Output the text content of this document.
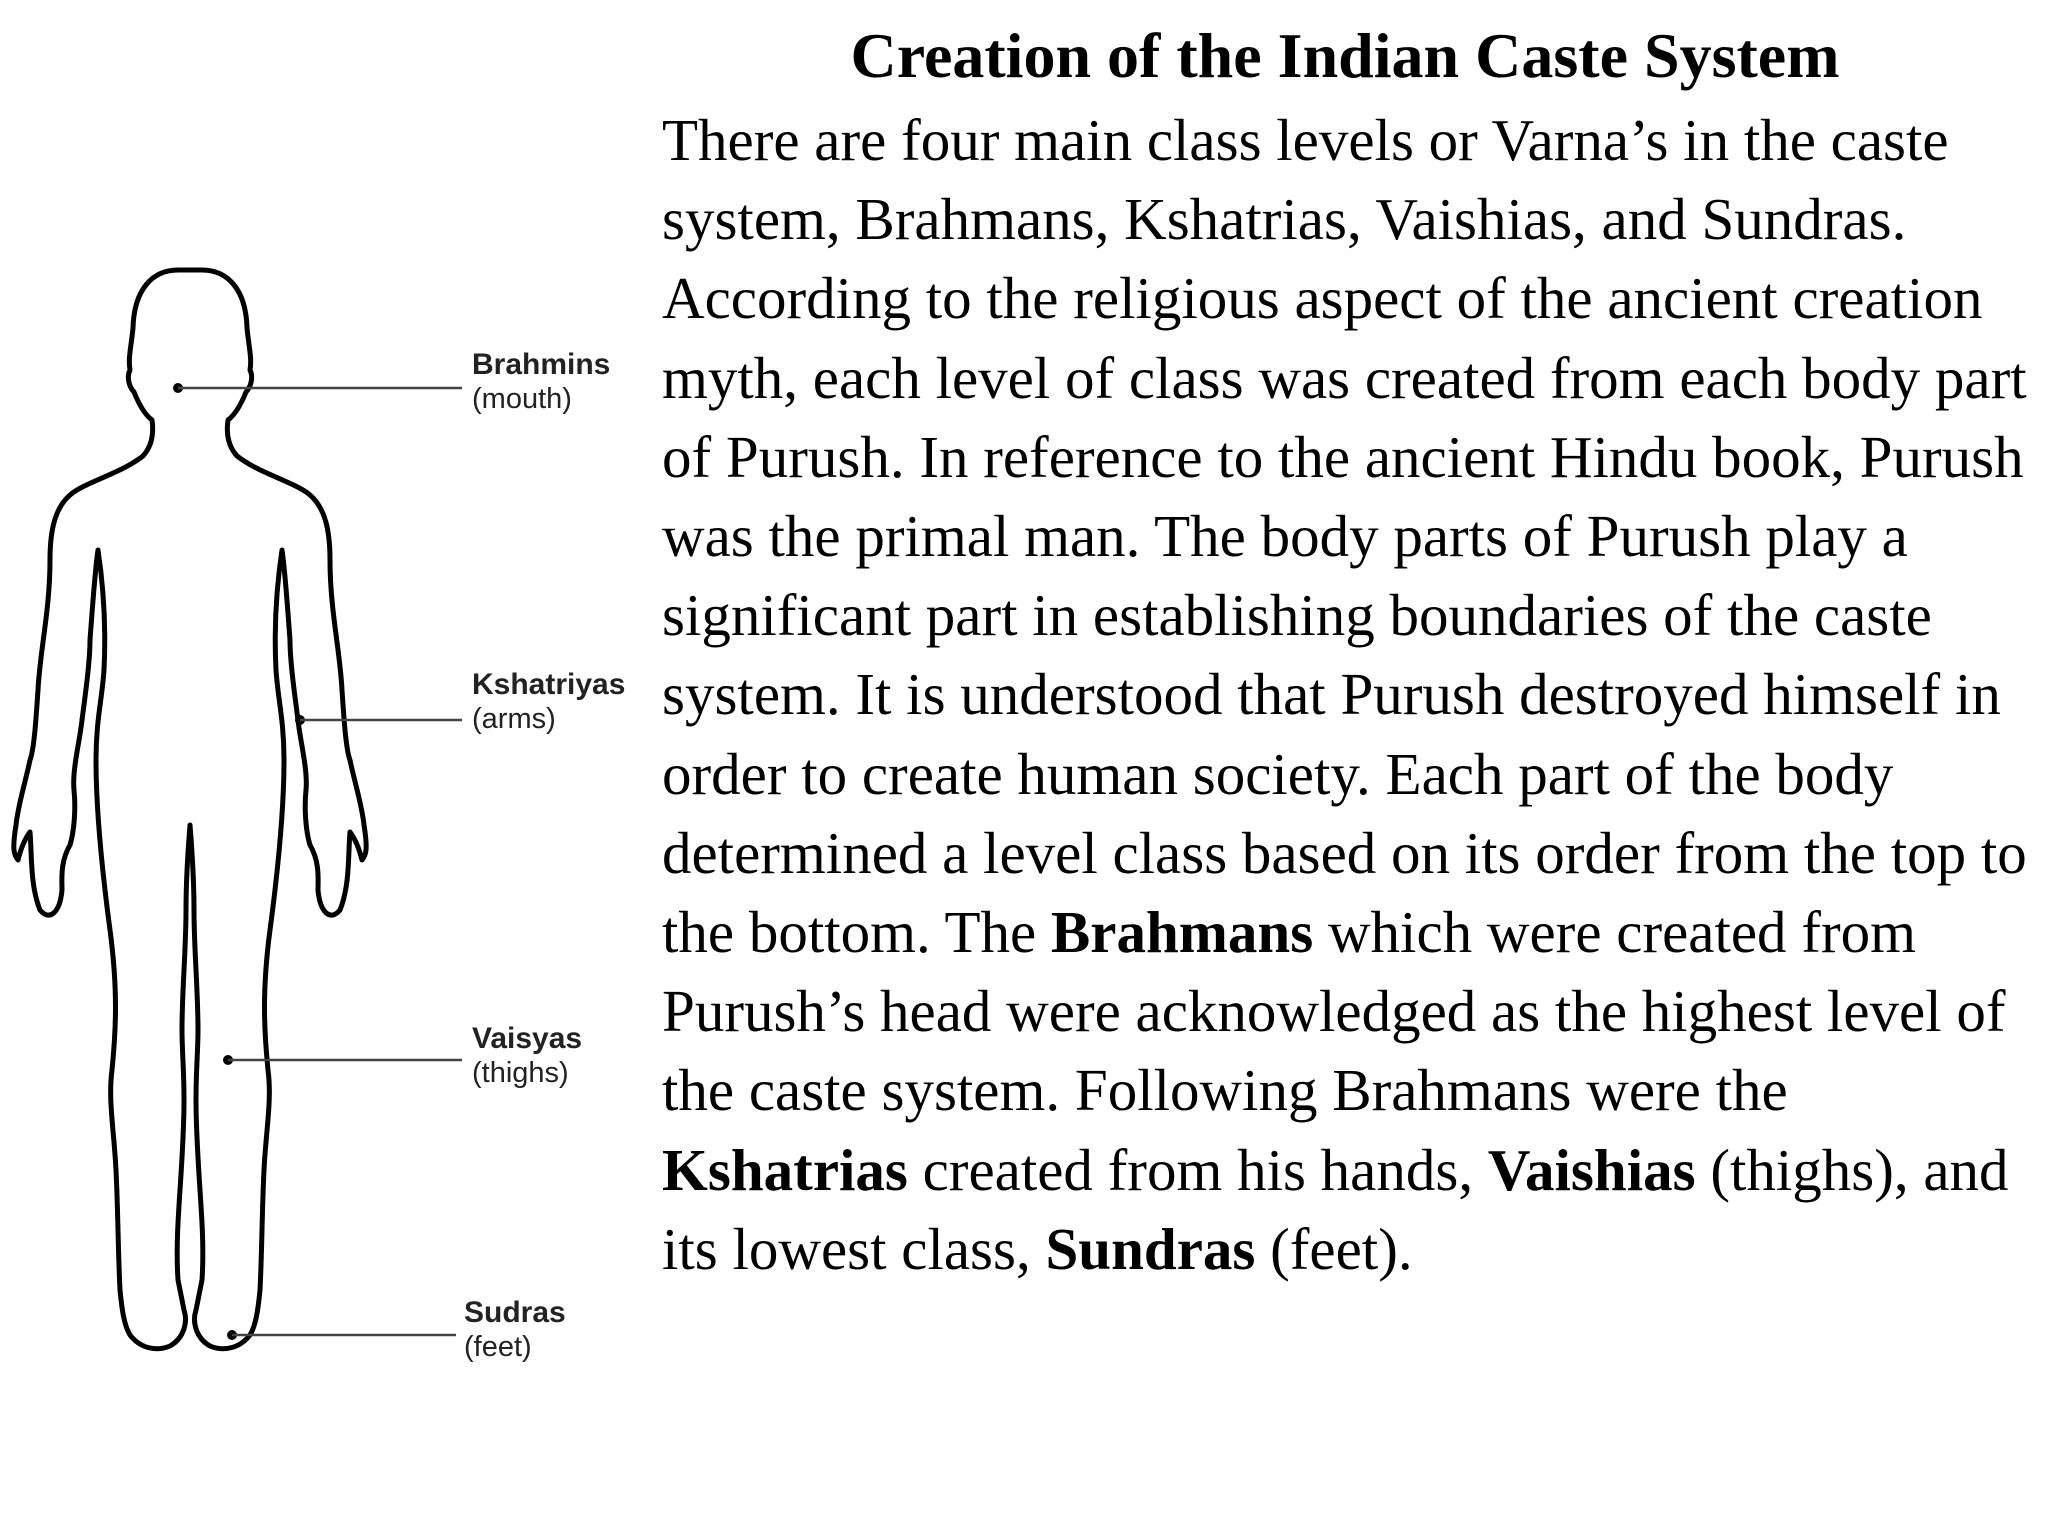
Brahmins
(mouth)
Kshatriyas
(arms)
Vaisyas
(thighs)
Sudras
(feet)
Creation of the Indian Caste System

There are four main class levels or Varna’s in the caste system, Brahmans, Kshatrias, Vaishias, and Sundras. According to the religious aspect of the ancient creation myth, each level of class was created from each body part of Purush. In reference to the ancient Hindu book, Purush was the primal man. The body parts of Purush play a significant part in establishing boundaries of the caste system. It is understood that Purush destroyed himself in order to create human society. Each part of the body determined a level class based on its order from the top to the bottom. The Brahmans which were created from Purush’s head were acknowledged as the highest level of the caste system. Following Brahmans were the Kshatrias created from his hands, Vaishias (thighs), and its lowest class, Sundras (feet).
